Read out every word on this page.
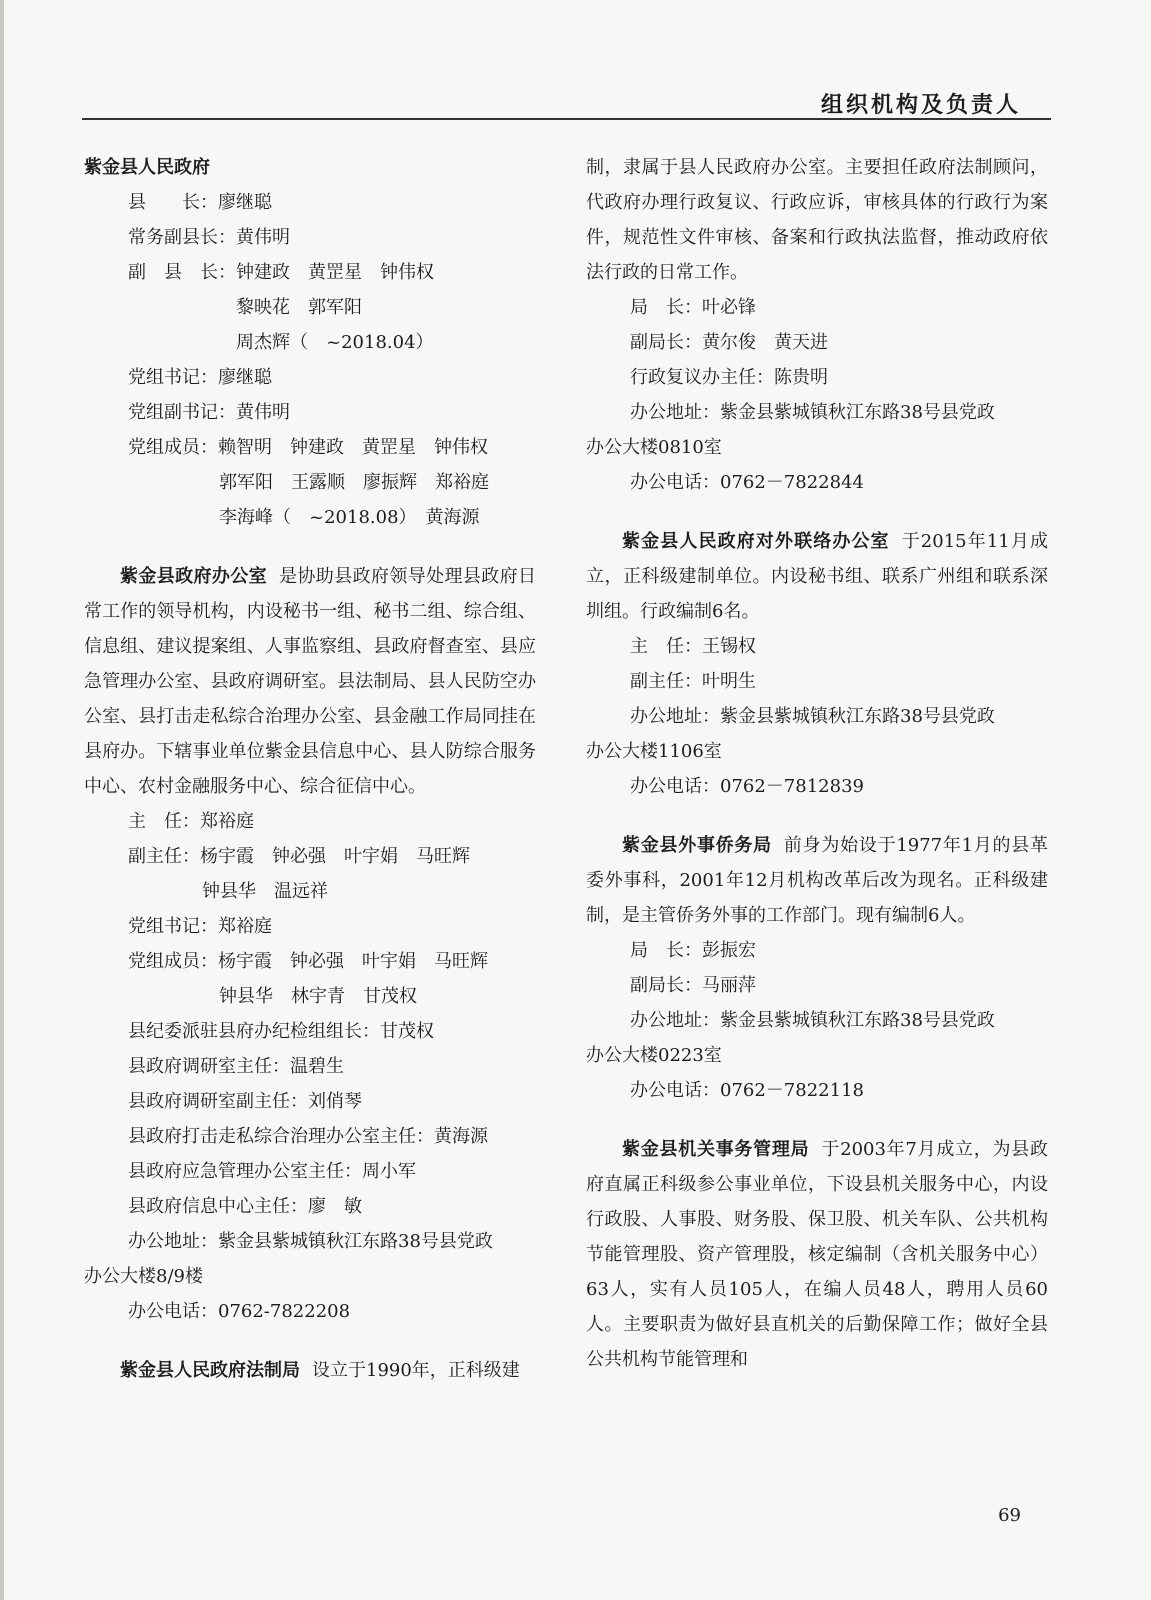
组织机构及负责人
紫金县人民政府
县　　长：廖继聪
常务副县长：黄伟明
副　县　长：钟建政　黄罡星　钟伟权
黎映花　郭军阳
周杰辉（　~2018.04）
党组书记：廖继聪
党组副书记：黄伟明
党组成员：赖智明　钟建政　黄罡星　钟伟权
郭军阳　王露顺　廖振辉　郑裕庭
李海峰（　~2018.08）　黄海源
紫金县政府办公室 是协助县政府领导处理县政府日常工作的领导机构，内设秘书一组、秘书二组、综合组、信息组、建议提案组、人事监察组、县政府督查室、县应急管理办公室、县政府调研室。县法制局、县人民防空办公室、县打击走私综合治理办公室、县金融工作局同挂在县府办。下辖事业单位紫金县信息中心、县人防综合服务中心、农村金融服务中心、综合征信中心。
主　任：郑裕庭
副主任：杨宇霞　钟必强　叶宇娟　马旺辉
钟县华　温远祥
党组书记：郑裕庭
党组成员：杨宇霞　钟必强　叶宇娟　马旺辉
钟县华　林宇青　甘茂权
县纪委派驻县府办纪检组组长：甘茂权
县政府调研室主任：温碧生
县政府调研室副主任：刘俏琴
县政府打击走私综合治理办公室主任：黄海源
县政府应急管理办公室主任：周小军
县政府信息中心主任：廖　敏
办公地址：紫金县紫城镇秋江东路38号县党政
办公大楼8/9楼
办公电话：0762-7822208
紫金县人民政府法制局 设立于1990年，正科级建
制，隶属于县人民政府办公室。主要担任政府法制顾问，代政府办理行政复议、行政应诉，审核具体的行政行为案件，规范性文件审核、备案和行政执法监督，推动政府依法行政的日常工作。
局　长：叶必锋
副局长：黄尔俊　黄天进
行政复议办主任：陈贵明
办公地址：紫金县紫城镇秋江东路38号县党政
办公大楼0810室
办公电话：0762－7822844
紫金县人民政府对外联络办公室 于2015年11月成立，正科级建制单位。内设秘书组、联系广州组和联系深圳组。行政编制6名。
主　任：王锡权
副主任：叶明生
办公地址：紫金县紫城镇秋江东路38号县党政
办公大楼1106室
办公电话：0762－7812839
紫金县外事侨务局 前身为始设于1977年1月的县革委外事科，2001年12月机构改革后改为现名。正科级建制，是主管侨务外事的工作部门。现有编制6人。
局　长：彭振宏
副局长：马丽萍
办公地址：紫金县紫城镇秋江东路38号县党政
办公大楼0223室
办公电话：0762－7822118
紫金县机关事务管理局 于2003年7月成立，为县政府直属正科级参公事业单位，下设县机关服务中心，内设行政股、人事股、财务股、保卫股、机关车队、公共机构节能管理股、资产管理股，核定编制（含机关服务中心）63人，实有人员105人，在编人员48人，聘用人员60人。主要职责为做好县直机关的后勤保障工作；做好全县公共机构节能管理和
69
